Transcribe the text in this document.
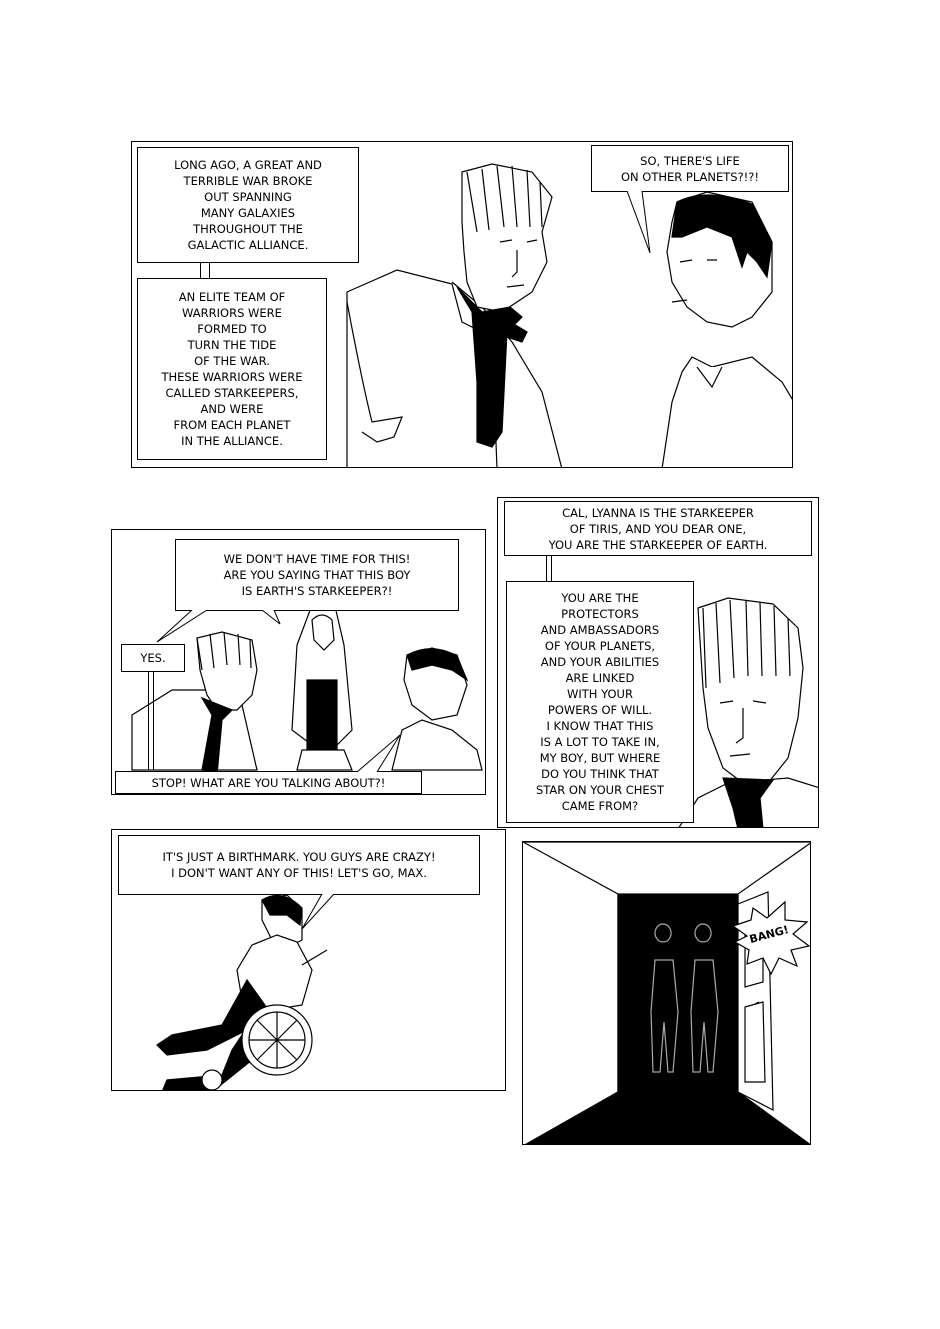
LONG AGO, A GREAT AND
TERRIBLE WAR BROKE
OUT SPANNING
MANY GALAXIES
THROUGHOUT THE
GALACTIC ALLIANCE.
AN ELITE TEAM OF
WARRIORS WERE
FORMED TO
TURN THE TIDE
OF THE WAR.
THESE WARRIORS WERE
CALLED STARKEEPERS,
AND WERE
FROM EACH PLANET
IN THE ALLIANCE.
SO, THERE'S LIFE
ON OTHER PLANETS?!?!
WE DON'T HAVE TIME FOR THIS!
ARE YOU SAYING THAT THIS BOY
IS EARTH'S STARKEEPER?!
YES.
STOP! WHAT ARE YOU TALKING ABOUT?!
CAL, LYANNA IS THE STARKEEPER
OF TIRIS, AND YOU DEAR ONE,
YOU ARE THE STARKEEPER OF EARTH.
YOU ARE THE
PROTECTORS
AND AMBASSADORS
OF YOUR PLANETS,
AND YOUR ABILITIES
ARE LINKED
WITH YOUR
POWERS OF WILL.
I KNOW THAT THIS
IS A LOT TO TAKE IN,
MY BOY, BUT WHERE
DO YOU THINK THAT
STAR ON YOUR CHEST
CAME FROM?
IT'S JUST A BIRTHMARK. YOU GUYS ARE CRAZY!
I DON'T WANT ANY OF THIS! LET'S GO, MAX.
BANG!
